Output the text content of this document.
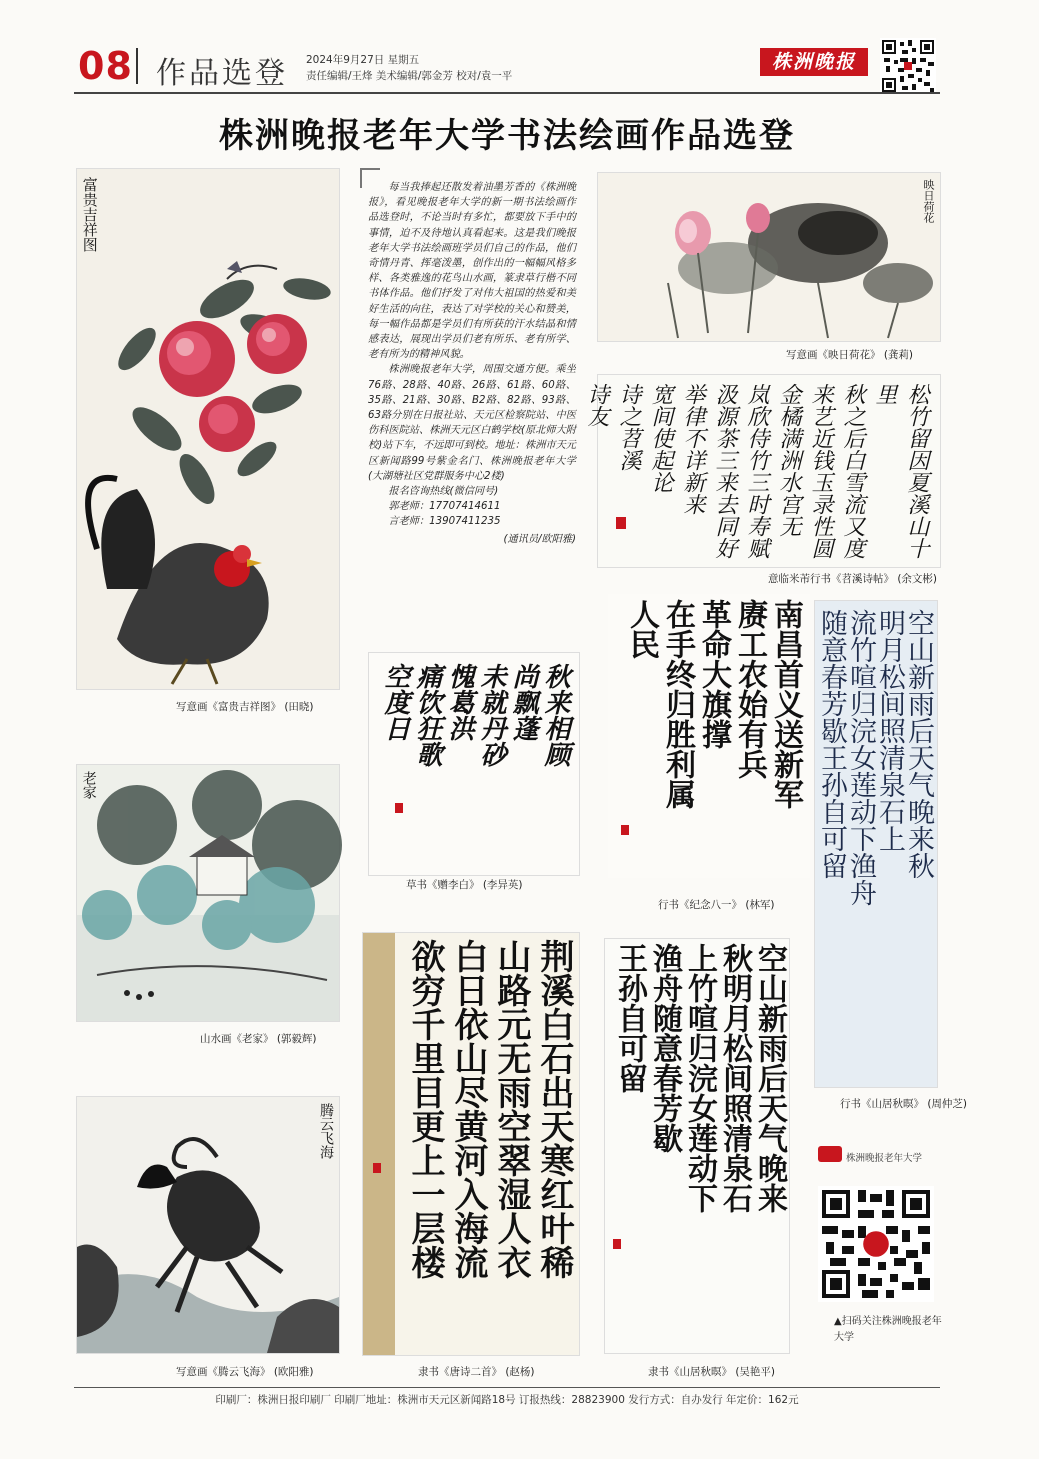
08 作品选登 2024年9月27日 星期五
责任编辑/王烽 美术编辑/郭金芳 校对/袁一平
株洲晚报
株洲晚报老年大学书法绘画作品选登
富贵吉祥图
写意画《富贵吉祥图》 (田晓)

每当我捧起还散发着油墨芳香的《株洲晚报》，看见晚报老年大学的新一期书法绘画作品选登时，不论当时有多忙，都要放下手中的事情，迫不及待地认真看起来。这是我们晚报老年大学书法绘画班学员们自己的作品，他们奇情丹青、挥毫泼墨，创作出的一幅幅风格多样、各类雅逸的花鸟山水画，篆隶草行楷不同书体作品。他们抒发了对伟大祖国的热爱和美好生活的向往，表达了对学校的关心和赞美，每一幅作品都是学员们有所获的汗水结晶和情感表达，展现出学员们老有所乐、老有所学、老有所为的精神风貌。

株洲晚报老年大学，周围交通方便。乘坐76路、28路、40路、26路、61路、60路、35路、21路、30路、B2路、82路、93路、63路分别在日报社站、天元区检察院站、中医伤科医院站、株洲天元区白鹤学校(原北师大附校)站下车，不远即可到校。地址：株洲市天元区新闻路99号紫金名门、株洲晚报老年大学(大湖塘社区党群服务中心2楼)

报名咨询热线(微信同号)

郭老师：17707414611

言老师：13907411235

(通讯员/欧阳雅)

映日荷花
写意画《映日荷花》 (龚莉)
松竹留因夏溪山十里
秋之后白雪流又度
来艺近钱玉录性圆
金橘满洲水宫无
岚欣侍竹三时寿赋
汲源茶三来去同好
举律不详新来
宽间使起论
诗之苕溪
诗友
意临米芾行书《苕溪诗帖》 (余文彬)
秋来相顾
尚飘蓬
未就丹砂
愧葛洪
痛饮狂歌
空度日
草书《赠李白》 (李异英)
南昌首义送新军
赓工农始有兵
革命大旗撑
在手终归胜利属
人民
行书《纪念八一》 (林军)
空山新雨后天气晚来秋
明月松间照清泉石上
流竹喧归浣女莲动下渔舟
随意春芳歇王孙自可留
行书《山居秋暝》 (周仲芝)
老家
山水画《老家》 (郭毅辉)	荆溪白石出天寒红叶稀
山路元无雨空翠湿人衣
白日依山尽黄河入海流
欲穷千里目更上一层楼
隶书《唐诗二首》 (赵杨)
空山新雨后天气晚来
秋明月松间照清泉石
上竹喧归浣女莲动下
渔舟随意春芳歇
王孙自可留
隶书《山居秋暝》 (吴艳平)
腾云飞海
写意画《腾云飞海》 (欧阳雅)
株洲晚报老年大学
▲扫码关注株洲晚报老年大学
印刷厂：株洲日报印刷厂 印刷厂地址：株洲市天元区新闻路18号 订报热线：28823900 发行方式：自办发行 年定价：162元
